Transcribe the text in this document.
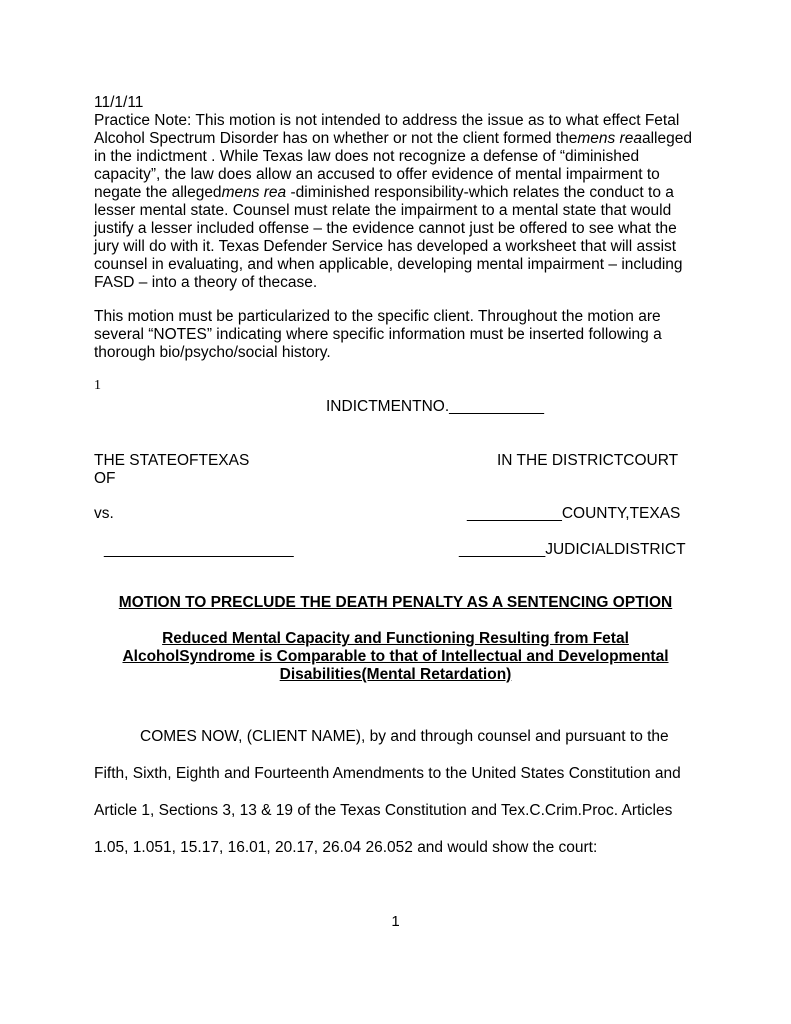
11/1/11

Practice Note: This motion is not intended to address the issue as to what effect Fetal Alcohol Spectrum Disorder has on whether or not the client formed themens reaalleged in the indictment . While Texas law does not recognize a defense of “diminished capacity”, the law does allow an accused to offer evidence of mental impairment to negate the allegedmens rea -diminished responsibility-which relates the conduct to a lesser mental state. Counsel must relate the impairment to a mental state that would justify a lesser included offense – the evidence cannot just be offered to see what the jury will do with it. Texas Defender Service has developed a worksheet that will assist counsel in evaluating, and when applicable, developing mental impairment – including FASD – into a theory of thecase.

This motion must be particularized to the specific client. Throughout the motion are several “NOTES” indicating where specific information must be inserted following a thorough bio/psycho/social history.
1
INDICTMENTNO.___________
THE STATEOFTEXAS
OF
IN THE DISTRICTCOURT
vs.	___________COUNTY,TEXAS
______________________	__________JUDICIALDISTRICT
MOTION TO PRECLUDE THE DEATH PENALTY AS A SENTENCING OPTION
Reduced Mental Capacity and Functioning Resulting from Fetal AlcoholSyndrome is Comparable to that of Intellectual and Developmental Disabilities(Mental Retardation)
COMES NOW, (CLIENT NAME), by and through counsel and pursuant to the
Fifth, Sixth, Eighth and Fourteenth Amendments to the United States Constitution and
Article 1, Sections 3, 13 & 19 of the Texas Constitution and Tex.C.Crim.Proc. Articles
1.05, 1.051, 15.17, 16.01, 20.17, 26.04 26.052 and would show the court:
1
